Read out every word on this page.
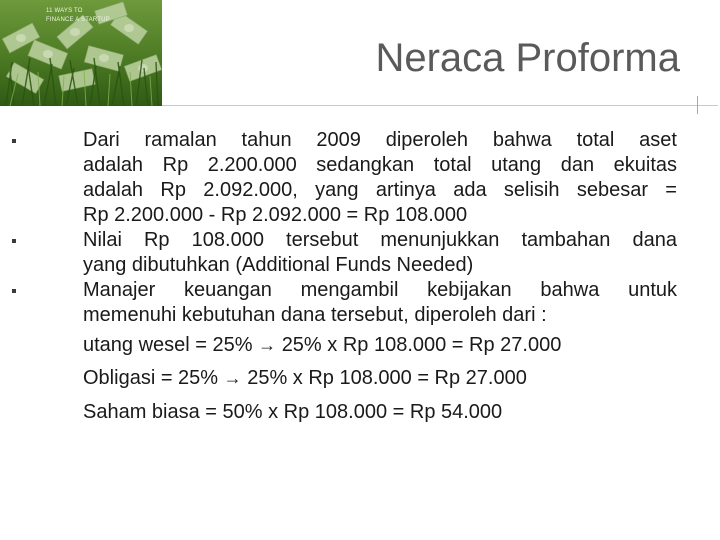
11 WAYS TO
FINANCE A STARTUP
Neraca Proforma
Dari ramalan tahun 2009 diperoleh bahwa total aset
adalah Rp 2.200.000 sedangkan total utang dan ekuitas
adalah Rp 2.092.000, yang artinya ada selisih sebesar =
Rp 2.200.000 - Rp 2.092.000 = Rp 108.000
Nilai Rp 108.000 tersebut menunjukkan tambahan dana
yang dibutuhkan (Additional Funds Needed)
Manajer keuangan mengambil kebijakan bahwa untuk
memenuhi kebutuhan dana tersebut, diperoleh dari :
utang wesel = 25% → 25% x Rp 108.000 = Rp 27.000
Obligasi = 25% → 25% x Rp 108.000 = Rp 27.000
Saham biasa = 50% x Rp 108.000 = Rp 54.000
